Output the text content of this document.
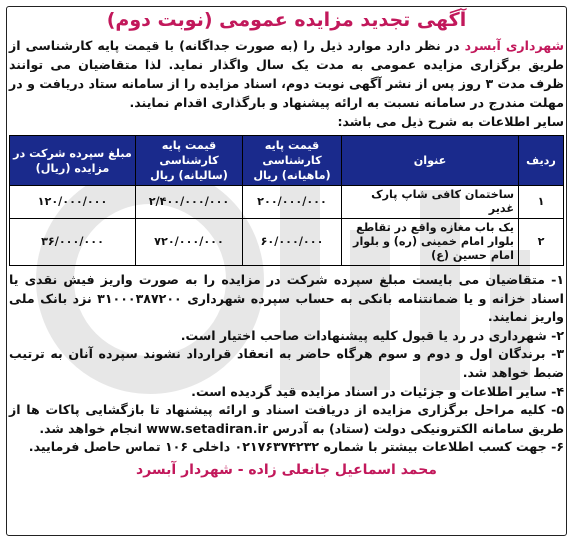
آگهی تجدید مزایده عمومی (نوبت دوم)

شهرداری آبسرد در نظر دارد موارد ذیل را (به صورت جداگانه) با قیمت پایه کارشناسی از طریق برگزاری مزایده عمومی به مدت یک سال واگذار نماید. لذا متقاضیان می توانند ظرف مدت ۳ روز پس از نشر آگهی نوبت دوم، اسناد مزایده را از سامانه ستاد دریافت و در مهلت مندرج در سامانه نسبت به ارائه پیشنهاد و بارگذاری اقدام نمایند.

سایر اطلاعات به شرح ذیل می باشد:

ردیف	عنوان	قیمت پایه کارشناسی (ماهیانه) ریال	قیمت پایه کارشناسی (سالیانه) ریال	مبلغ سپرده شرکت در مزایده (ریال)
۱	ساختمان کافی شاپ پارک غدیر	۲۰۰/۰۰۰/۰۰۰	۲/۴۰۰/۰۰۰/۰۰۰	۱۲۰/۰۰۰/۰۰۰
۲	یک باب مغازه واقع در تقاطع بلوار امام خمینی (ره) و بلوار امام حسین (ع)	۶۰/۰۰۰/۰۰۰	۷۲۰/۰۰۰/۰۰۰	۳۶/۰۰۰/۰۰۰

۱- متقاضیان می بایست مبلغ سپرده شرکت در مزایده را به صورت واریز فیش نقدی یا اسناد خزانه و یا ضمانتنامه بانکی به حساب سپرده شهرداری ۳۱۰۰۰۳۸۷۲۰۰ نزد بانک ملی واریز نمایند.

۲- شهرداری در رد یا قبول کلیه پیشنهادات صاحب اختیار است.

۳- برندگان اول و دوم و سوم هرگاه حاضر به انعقاد قرارداد نشوند سپرده آنان به ترتیب ضبط خواهد شد.

۴- سایر اطلاعات و جزئیات در اسناد مزایده قید گردیده است.

۵- کلیه مراحل برگزاری مزایده از دریافت اسناد و ارائه پیشنهاد تا بازگشایی پاکات ها از طریق سامانه الکترونیکی دولت (ستاد) به آدرس www.setadiran.ir انجام خواهد شد.

۶- جهت کسب اطلاعات بیشتر با شماره ۰۲۱۷۶۳۷۴۲۳۲ داخلی ۱۰۶ تماس حاصل فرمایید.

محمد اسماعیل جانعلی زاده - شهردار آبسرد
